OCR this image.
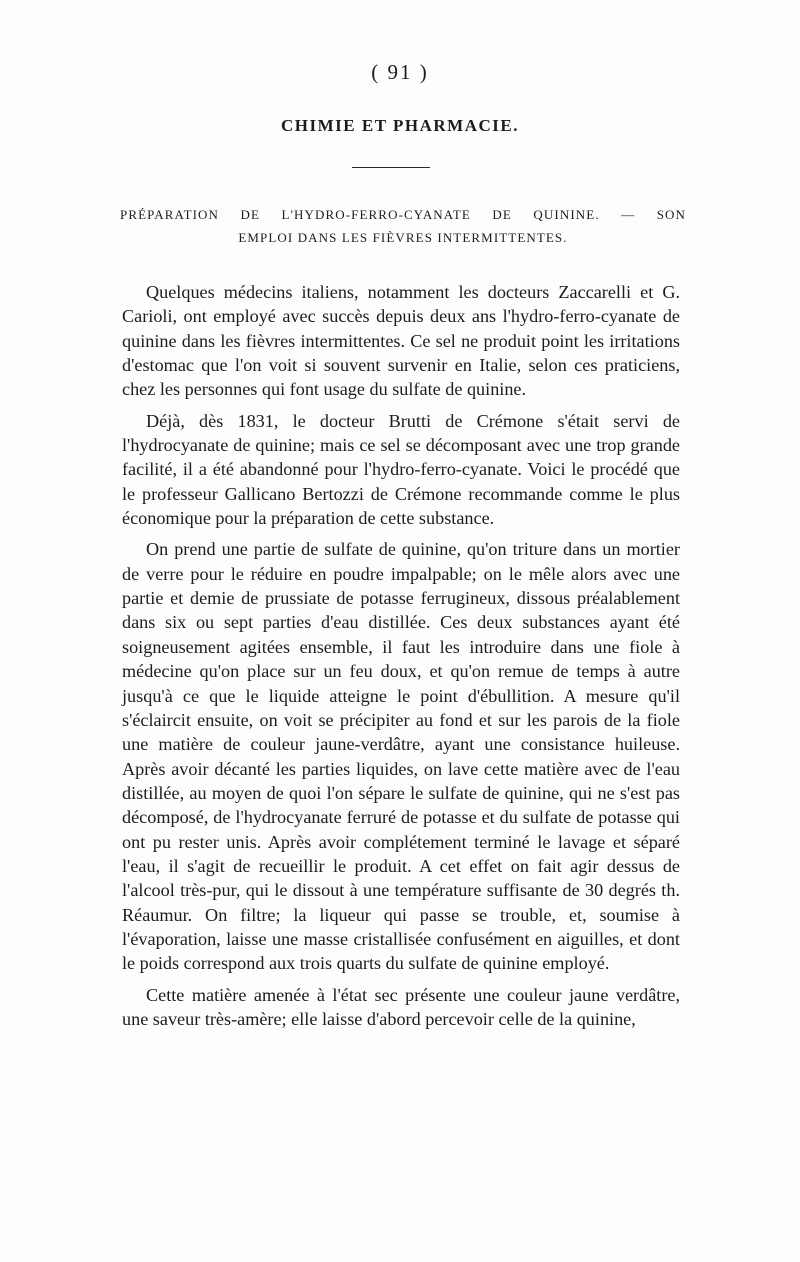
( 91 )
CHIMIE ET PHARMACIE.
PRÉPARATION DE L'HYDRO-FERRO-CYANATE DE QUININE. — SON
EMPLOI DANS LES FIÈVRES INTERMITTENTES.

Quelques médecins italiens, notamment les docteurs Zaccarelli et G. Carioli, ont employé avec succès depuis deux ans l'hydro-ferro-cyanate de quinine dans les fièvres intermittentes. Ce sel ne produit point les irritations d'estomac que l'on voit si souvent survenir en Italie, selon ces praticiens, chez les personnes qui font usage du sulfate de quinine.

Déjà, dès 1831, le docteur Brutti de Crémone s'était servi de l'hydrocyanate de quinine; mais ce sel se décomposant avec une trop grande facilité, il a été abandonné pour l'hydro-ferro-cyanate. Voici le procédé que le professeur Gallicano Bertozzi de Crémone recommande comme le plus économique pour la préparation de cette substance.

On prend une partie de sulfate de quinine, qu'on triture dans un mortier de verre pour le réduire en poudre impalpable; on le mêle alors avec une partie et demie de prussiate de potasse ferrugineux, dissous préalablement dans six ou sept parties d'eau distillée. Ces deux substances ayant été soigneusement agitées ensemble, il faut les introduire dans une fiole à médecine qu'on place sur un feu doux, et qu'on remue de temps à autre jusqu'à ce que le liquide atteigne le point d'ébullition. A mesure qu'il s'éclaircit ensuite, on voit se précipiter au fond et sur les parois de la fiole une matière de couleur jaune-verdâtre, ayant une consistance huileuse. Après avoir décanté les parties liquides, on lave cette matière avec de l'eau distillée, au moyen de quoi l'on sépare le sulfate de quinine, qui ne s'est pas décomposé, de l'hydrocyanate ferruré de potasse et du sulfate de potasse qui ont pu rester unis. Après avoir complétement terminé le lavage et séparé l'eau, il s'agit de recueillir le produit. A cet effet on fait agir dessus de l'alcool très-pur, qui le dissout à une température suffisante de 30 degrés th. Réaumur. On filtre; la liqueur qui passe se trouble, et, soumise à l'évaporation, laisse une masse cristallisée confusément en aiguilles, et dont le poids correspond aux trois quarts du sulfate de quinine employé.

Cette matière amenée à l'état sec présente une couleur jaune verdâtre, une saveur très-amère; elle laisse d'abord percevoir celle de la quinine,
